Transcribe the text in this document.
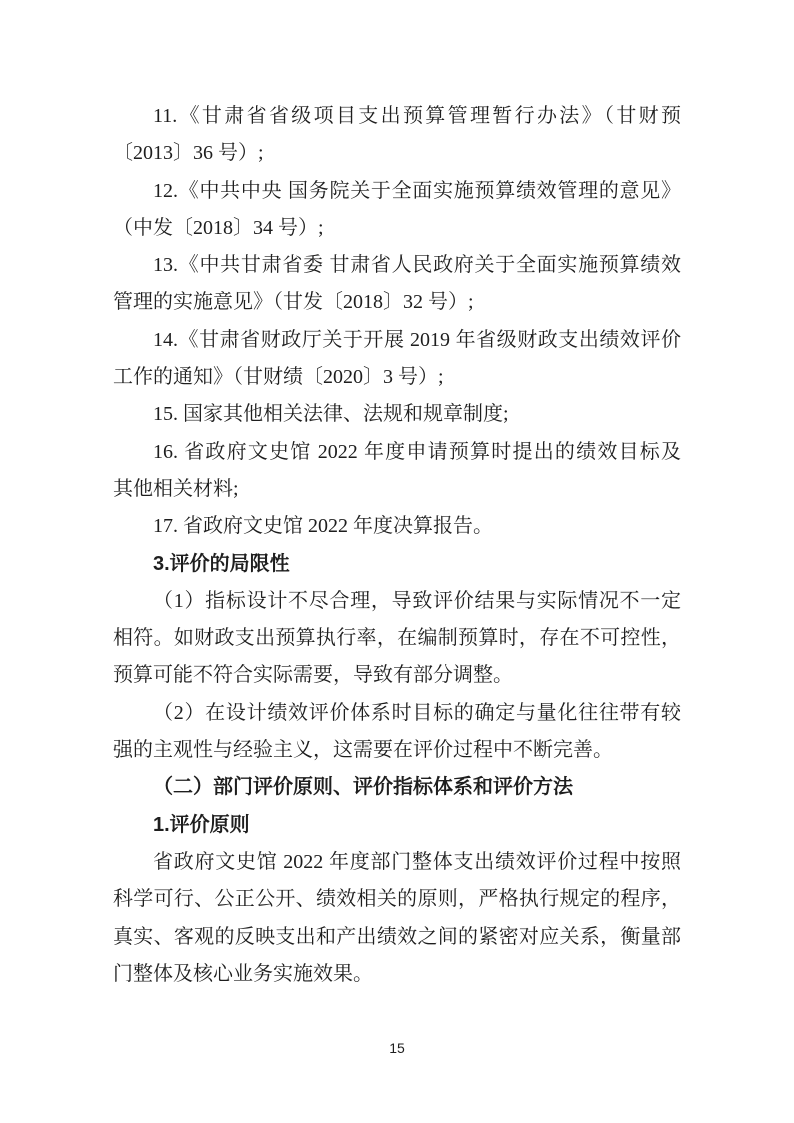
11.《甘肃省省级项目支出预算管理暂行办法》（甘财预
〔2013〕36 号）;
12.《中共中央 国务院关于全面实施预算绩效管理的意见》
（中发〔2018〕34 号）;
13.《中共甘肃省委 甘肃省人民政府关于全面实施预算绩效
管理的实施意见》（甘发〔2018〕32 号）;
14.《甘肃省财政厅关于开展 2019 年省级财政支出绩效评价
工作的通知》（甘财绩〔2020〕3 号）;
15. 国家其他相关法律、法规和规章制度;
16. 省政府文史馆 2022 年度申请预算时提出的绩效目标及
其他相关材料;
17. 省政府文史馆 2022 年度决算报告。
3.评价的局限性
（1）指标设计不尽合理，导致评价结果与实际情况不一定
相符。如财政支出预算执行率，在编制预算时，存在不可控性，
预算可能不符合实际需要，导致有部分调整。
（2）在设计绩效评价体系时目标的确定与量化往往带有较
强的主观性与经验主义，这需要在评价过程中不断完善。
（二）部门评价原则、评价指标体系和评价方法
1.评价原则
省政府文史馆 2022 年度部门整体支出绩效评价过程中按照
科学可行、公正公开、绩效相关的原则，严格执行规定的程序，
真实、客观的反映支出和产出绩效之间的紧密对应关系，衡量部
门整体及核心业务实施效果。
15
